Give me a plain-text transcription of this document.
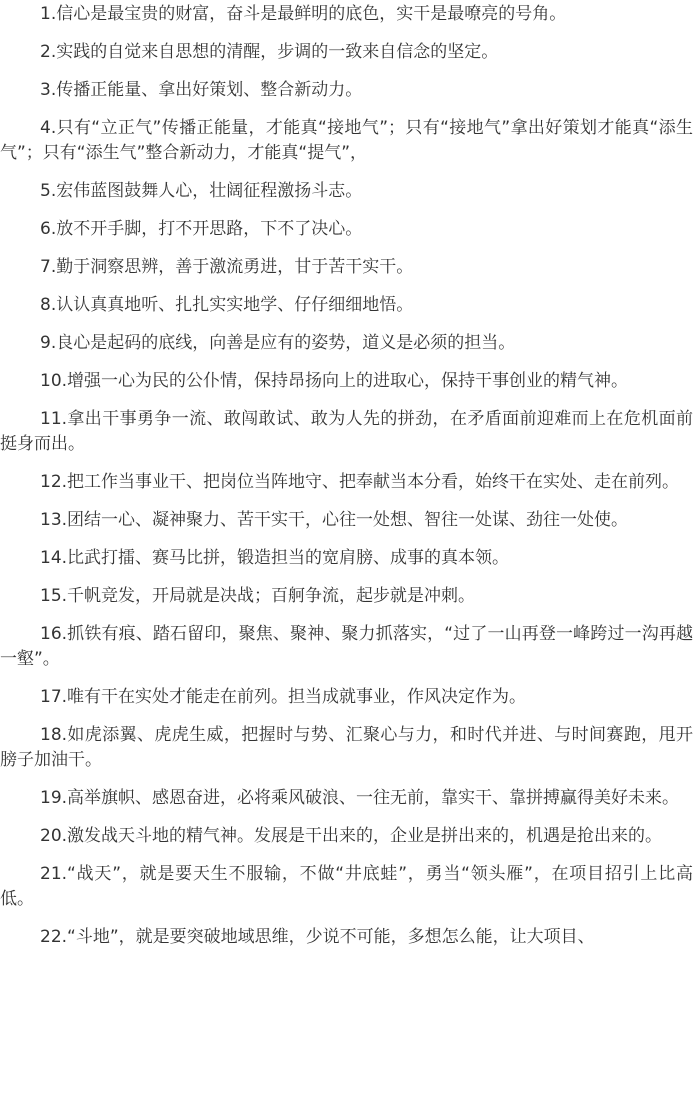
1.信心是最宝贵的财富，奋斗是最鲜明的底色，实干是最嘹亮的号角。

2.实践的自觉来自思想的清醒，步调的一致来自信念的坚定。

3.传播正能量、拿出好策划、整合新动力。

4.只有“立正气”传播正能量，才能真“接地气”；只有“接地气”拿出好策划才能真“添生气”；只有“添生气”整合新动力，才能真“提气”，

5.宏伟蓝图鼓舞人心，壮阔征程激扬斗志。

6.放不开手脚，打不开思路，下不了决心。

7.勤于洞察思辨，善于激流勇进，甘于苦干实干。

8.认认真真地听、扎扎实实地学、仔仔细细地悟。

9.良心是起码的底线，向善是应有的姿势，道义是必须的担当。

10.增强一心为民的公仆情，保持昂扬向上的进取心，保持干事创业的精气神。

11.拿出干事勇争一流、敢闯敢试、敢为人先的拼劲，在矛盾面前迎难而上在危机面前挺身而出。

12.把工作当事业干、把岗位当阵地守、把奉献当本分看，始终干在实处、走在前列。

13.团结一心、凝神聚力、苦干实干，心往一处想、智往一处谋、劲往一处使。

14.比武打擂、赛马比拼，锻造担当的宽肩膀、成事的真本领。

15.千帆竞发，开局就是决战；百舸争流，起步就是冲刺。

16.抓铁有痕、踏石留印，聚焦、聚神、聚力抓落实，“过了一山再登一峰跨过一沟再越一壑”。

17.唯有干在实处才能走在前列。担当成就事业，作风决定作为。

18.如虎添翼、虎虎生威，把握时与势、汇聚心与力，和时代并进、与时间赛跑，甩开膀子加油干。

19.高举旗帜、感恩奋进，必将乘风破浪、一往无前，靠实干、靠拼搏赢得美好未来。

20.激发战天斗地的精气神。发展是干出来的，企业是拼出来的，机遇是抢出来的。

21.“战天”，就是要天生不服输，不做“井底蛙”，勇当“领头雁”，在项目招引上比高低。

22.“斗地”，就是要突破地域思维，少说不可能，多想怎么能，让大项目、
